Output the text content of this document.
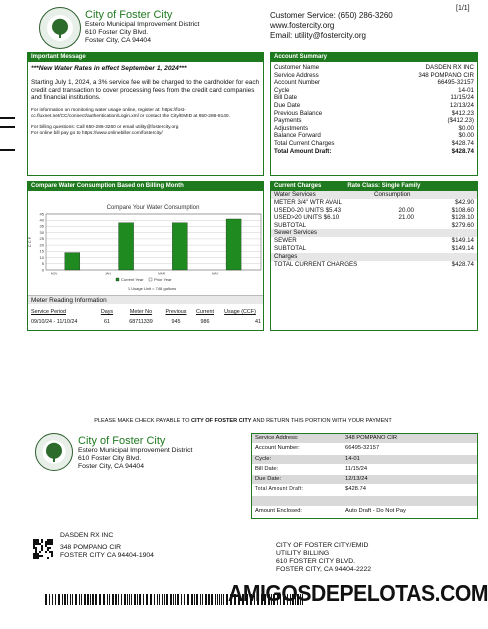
[1/1]
City of Foster City
Estero Municipal Improvement District
610 Foster City Blvd.
Foster City, CA 94404
Customer Service: (650) 286-3260
www.fostercity.org
Email: utility@fostercity.org
Important Message
***New Water Rates in effect September 1, 2024***
Starting July 1, 2024, a 3% service fee will be charged to the cardholder for each credit card transaction to cover processing fees from the credit card companies and financial institutions.
For information on monitoring water usage online, register at: https://fost-cc.fluxnet.net/CC/connect/authentication/Login.xml or contact the City/EMID at 650-286-8140.
For billing questions: Call 650-286-3260 or email utility@fostercity.org
For online bill pay go to https://www.onlinebiller.com/fostercity/
Account Summary
Customer Name	DASDEN RX INC
Service Address	348 POMPANO CIR
Account Number	66495-32157
Cycle	14-01
Bill Date	11/15/24
Due Date	12/13/24
Previous Balance	$412.23
Payments	($412.23)
Adjustments	$0.00
Balance Forward	$0.00
Total Current Charges	$428.74
Total Amount Draft:	$428.74
Compare Water Consumption Based on Billing Month
Compare Your Water Consumption
C C F
0
5
10
15
20
25
30
35
40
45
NOV	JAN	MAR	MAY
Current Year	Prior Year
1 Usage Unit = 748 gallons
Meter Reading Information
Service Period	Days	Meter No	Previous	Current	Usage (CCF)
09/10/24 - 11/10/24	61	68711339	945	986	41
Current Charges	Rate Class: Single Family
Water Services	Consumption
METER 3/4" WTR AVAIL	$42.90
USED0-20 UNITS $5.43	20.00	$108.60
USED>20 UNITS $6.10	21.00	$128.10
SUBTOTAL	$279.60
Sewer Services
SEWER	$149.14
SUBTOTAL	$149.14
Charges
TOTAL CURRENT CHARGES	$428.74
PLEASE MAKE CHECK PAYABLE TO CITY OF FOSTER CITY AND RETURN THIS PORTION WITH YOUR PAYMENT
City of Foster City
Estero Municipal Improvement District
610 Foster City Blvd.
Foster City, CA 94404
Service Address:	348 POMPANO CIR
Account Number:	66495-32157
Cycle:	14-01
Bill Date:	11/15/24
Due Date:	12/13/24
Total Amount Draft:	$428.74
Amount Enclosed:	Auto Draft - Do Not Pay
DASDEN RX INC
348 POMPANO CIR
FOSTER CITY CA 94404-1904
CITY OF FOSTER CITY/EMID
UTILITY BILLING
610 FOSTER CITY BLVD.
FOSTER CITY, CA 94404-2222
AMIGOSDEPELOTAS.COM
